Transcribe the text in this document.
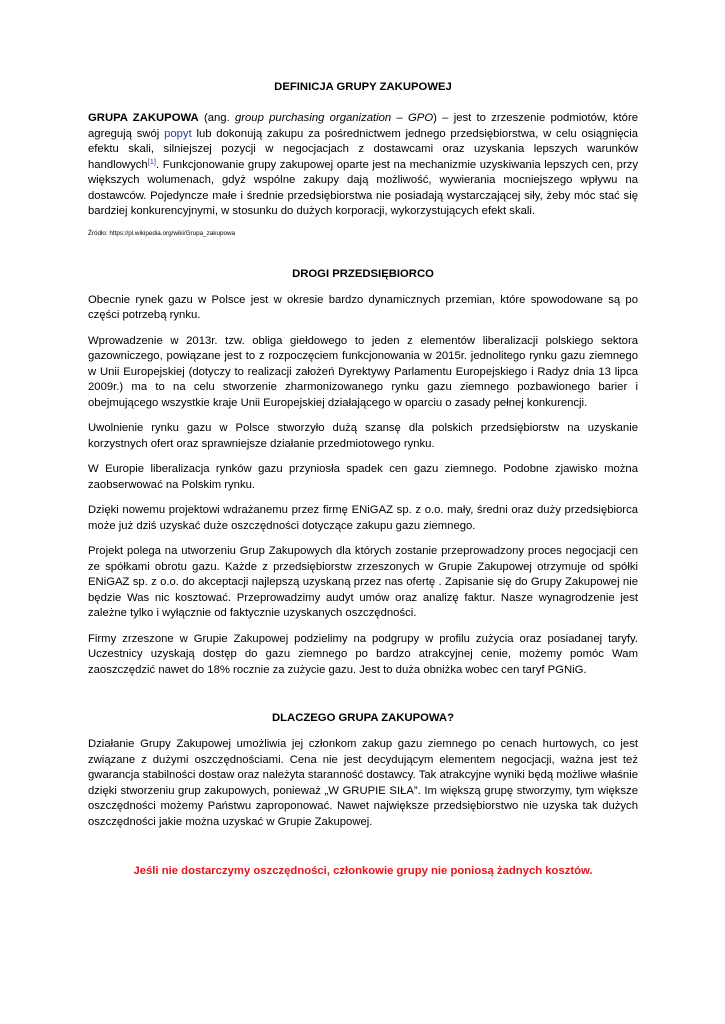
DEFINICJA GRUPY ZAKUPOWEJ

GRUPA ZAKUPOWA (ang. group purchasing organization – GPO) – jest to zrzeszenie podmiotów, które agregują swój popyt lub dokonują zakupu za pośrednictwem jednego przedsiębiorstwa, w celu osiągnięcia efektu skali, silniejszej pozycji w negocjacjach z dostawcami oraz uzyskania lepszych warunków handlowych[1]. Funkcjonowanie grupy zakupowej oparte jest na mechanizmie uzyskiwania lepszych cen, przy większych wolumenach, gdyż wspólne zakupy dają możliwość, wywierania mocniejszego wpływu na dostawców. Pojedyncze małe i średnie przedsiębiorstwa nie posiadają wystarczającej siły, żeby móc stać się bardziej konkurencyjnymi, w stosunku do dużych korporacji, wykorzystujących efekt skali.

Źródło: https://pl.wikipedia.org/wiki/Grupa_zakupowa

DROGI PRZEDSIĘBIORCO

Obecnie rynek gazu w Polsce jest w okresie bardzo dynamicznych przemian, które spowodowane są po części potrzebą rynku.

Wprowadzenie w 2013r. tzw. obliga giełdowego to jeden z elementów liberalizacji polskiego sektora gazowniczego, powiązane jest to z rozpoczęciem funkcjonowania w 2015r. jednolitego rynku gazu ziemnego w Unii Europejskiej (dotyczy to realizacji założeń Dyrektywy Parlamentu Europejskiego i Radyz dnia 13 lipca 2009r.) ma to na celu stworzenie zharmonizowanego rynku gazu ziemnego pozbawionego barier i obejmującego wszystkie kraje Unii Europejskiej działającego w oparciu o zasady pełnej konkurencji.

Uwolnienie rynku gazu w Polsce stworzyło dużą szansę dla polskich przedsiębiorstw na uzyskanie korzystnych ofert oraz sprawniejsze działanie przedmiotowego rynku.

W Europie liberalizacja rynków gazu przyniosła spadek cen gazu ziemnego. Podobne zjawisko można zaobserwować na Polskim rynku.

Dzięki nowemu projektowi wdrażanemu przez firmę ENiGAZ sp. z o.o. mały, średni oraz duży przedsiębiorca może już dziś uzyskać duże oszczędności dotyczące zakupu gazu ziemnego.

Projekt polega na utworzeniu Grup Zakupowych dla których zostanie przeprowadzony proces negocjacji cen ze spółkami obrotu gazu. Każde z przedsiębiorstw zrzeszonych w Grupie Zakupowej otrzymuje od spółki ENiGAZ sp. z o.o. do akceptacji najlepszą uzyskaną przez nas ofertę . Zapisanie się do Grupy Zakupowej nie będzie Was nic kosztować. Przeprowadzimy audyt umów oraz analizę faktur. Nasze wynagrodzenie jest zależne tylko i wyłącznie od faktycznie uzyskanych oszczędności.

Firmy zrzeszone w Grupie Zakupowej podzielimy na podgrupy w profilu zużycia oraz posiadanej taryfy. Uczestnicy uzyskają dostęp do gazu ziemnego po bardzo atrakcyjnej cenie, możemy pomóc Wam zaoszczędzić nawet do 18% rocznie za zużycie gazu. Jest to duża obniżka wobec cen taryf PGNiG.

DLACZEGO GRUPA ZAKUPOWA?

Działanie Grupy Zakupowej umożliwia jej członkom zakup gazu ziemnego po cenach hurtowych, co jest związane z dużymi oszczędnościami. Cena nie jest decydującym elementem negocjacji, ważna jest też gwarancja stabilności dostaw oraz należyta staranność dostawcy. Tak atrakcyjne wyniki będą możliwe właśnie dzięki stworzeniu grup zakupowych, ponieważ „W GRUPIE SIŁA”. Im większą grupę stworzymy, tym większe oszczędności możemy Państwu zaproponować. Nawet największe przedsiębiorstwo nie uzyska tak dużych oszczędności jakie można uzyskać w Grupie Zakupowej.

Jeśli nie dostarczymy oszczędności, członkowie grupy nie poniosą żadnych kosztów.
